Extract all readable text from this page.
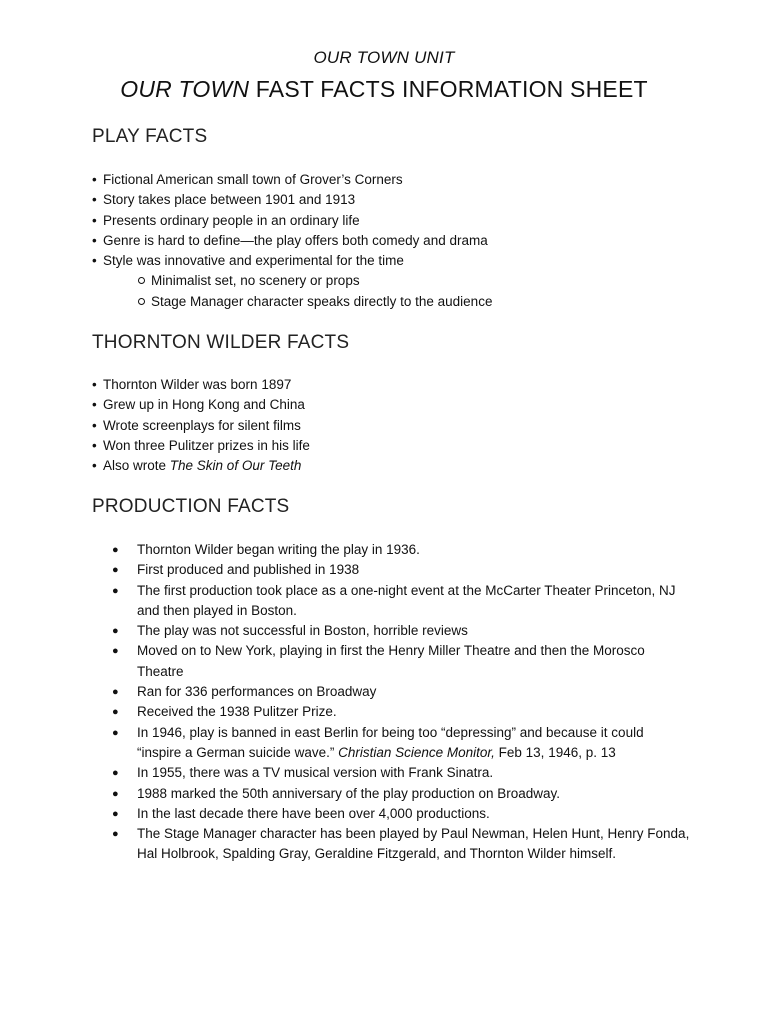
OUR TOWN UNIT
OUR TOWN FAST FACTS INFORMATION SHEET
PLAY FACTS
• Fictional American small town of Grover’s Corners
• Story takes place between 1901 and 1913
• Presents ordinary people in an ordinary life
• Genre is hard to define—the play offers both comedy and drama
• Style was innovative and experimental for the time
Minimalist set, no scenery or props
Stage Manager character speaks directly to the audience
THORNTON WILDER FACTS
• Thornton Wilder was born 1897
• Grew up in Hong Kong and China
• Wrote screenplays for silent films
• Won three Pulitzer prizes in his life
• Also wrote The Skin of Our Teeth
PRODUCTION FACTS
● Thornton Wilder began writing the play in 1936.
● First produced and published in 1938
● The first production took place as a one-night event at the McCarter Theater Princeton, NJ and then played in Boston.
● The play was not successful in Boston, horrible reviews
● Moved on to New York, playing in first the Henry Miller Theatre and then the Morosco Theatre
● Ran for 336 performances on Broadway
● Received the 1938 Pulitzer Prize.
● In 1946, play is banned in east Berlin for being too “depressing” and because it could “inspire a German suicide wave.” Christian Science Monitor, Feb 13, 1946, p. 13
● In 1955, there was a TV musical version with Frank Sinatra.
● 1988 marked the 50th anniversary of the play production on Broadway.
● In the last decade there have been over 4,000 productions.
● The Stage Manager character has been played by Paul Newman, Helen Hunt, Henry Fonda, Hal Holbrook, Spalding Gray, Geraldine Fitzgerald, and Thornton Wilder himself.
